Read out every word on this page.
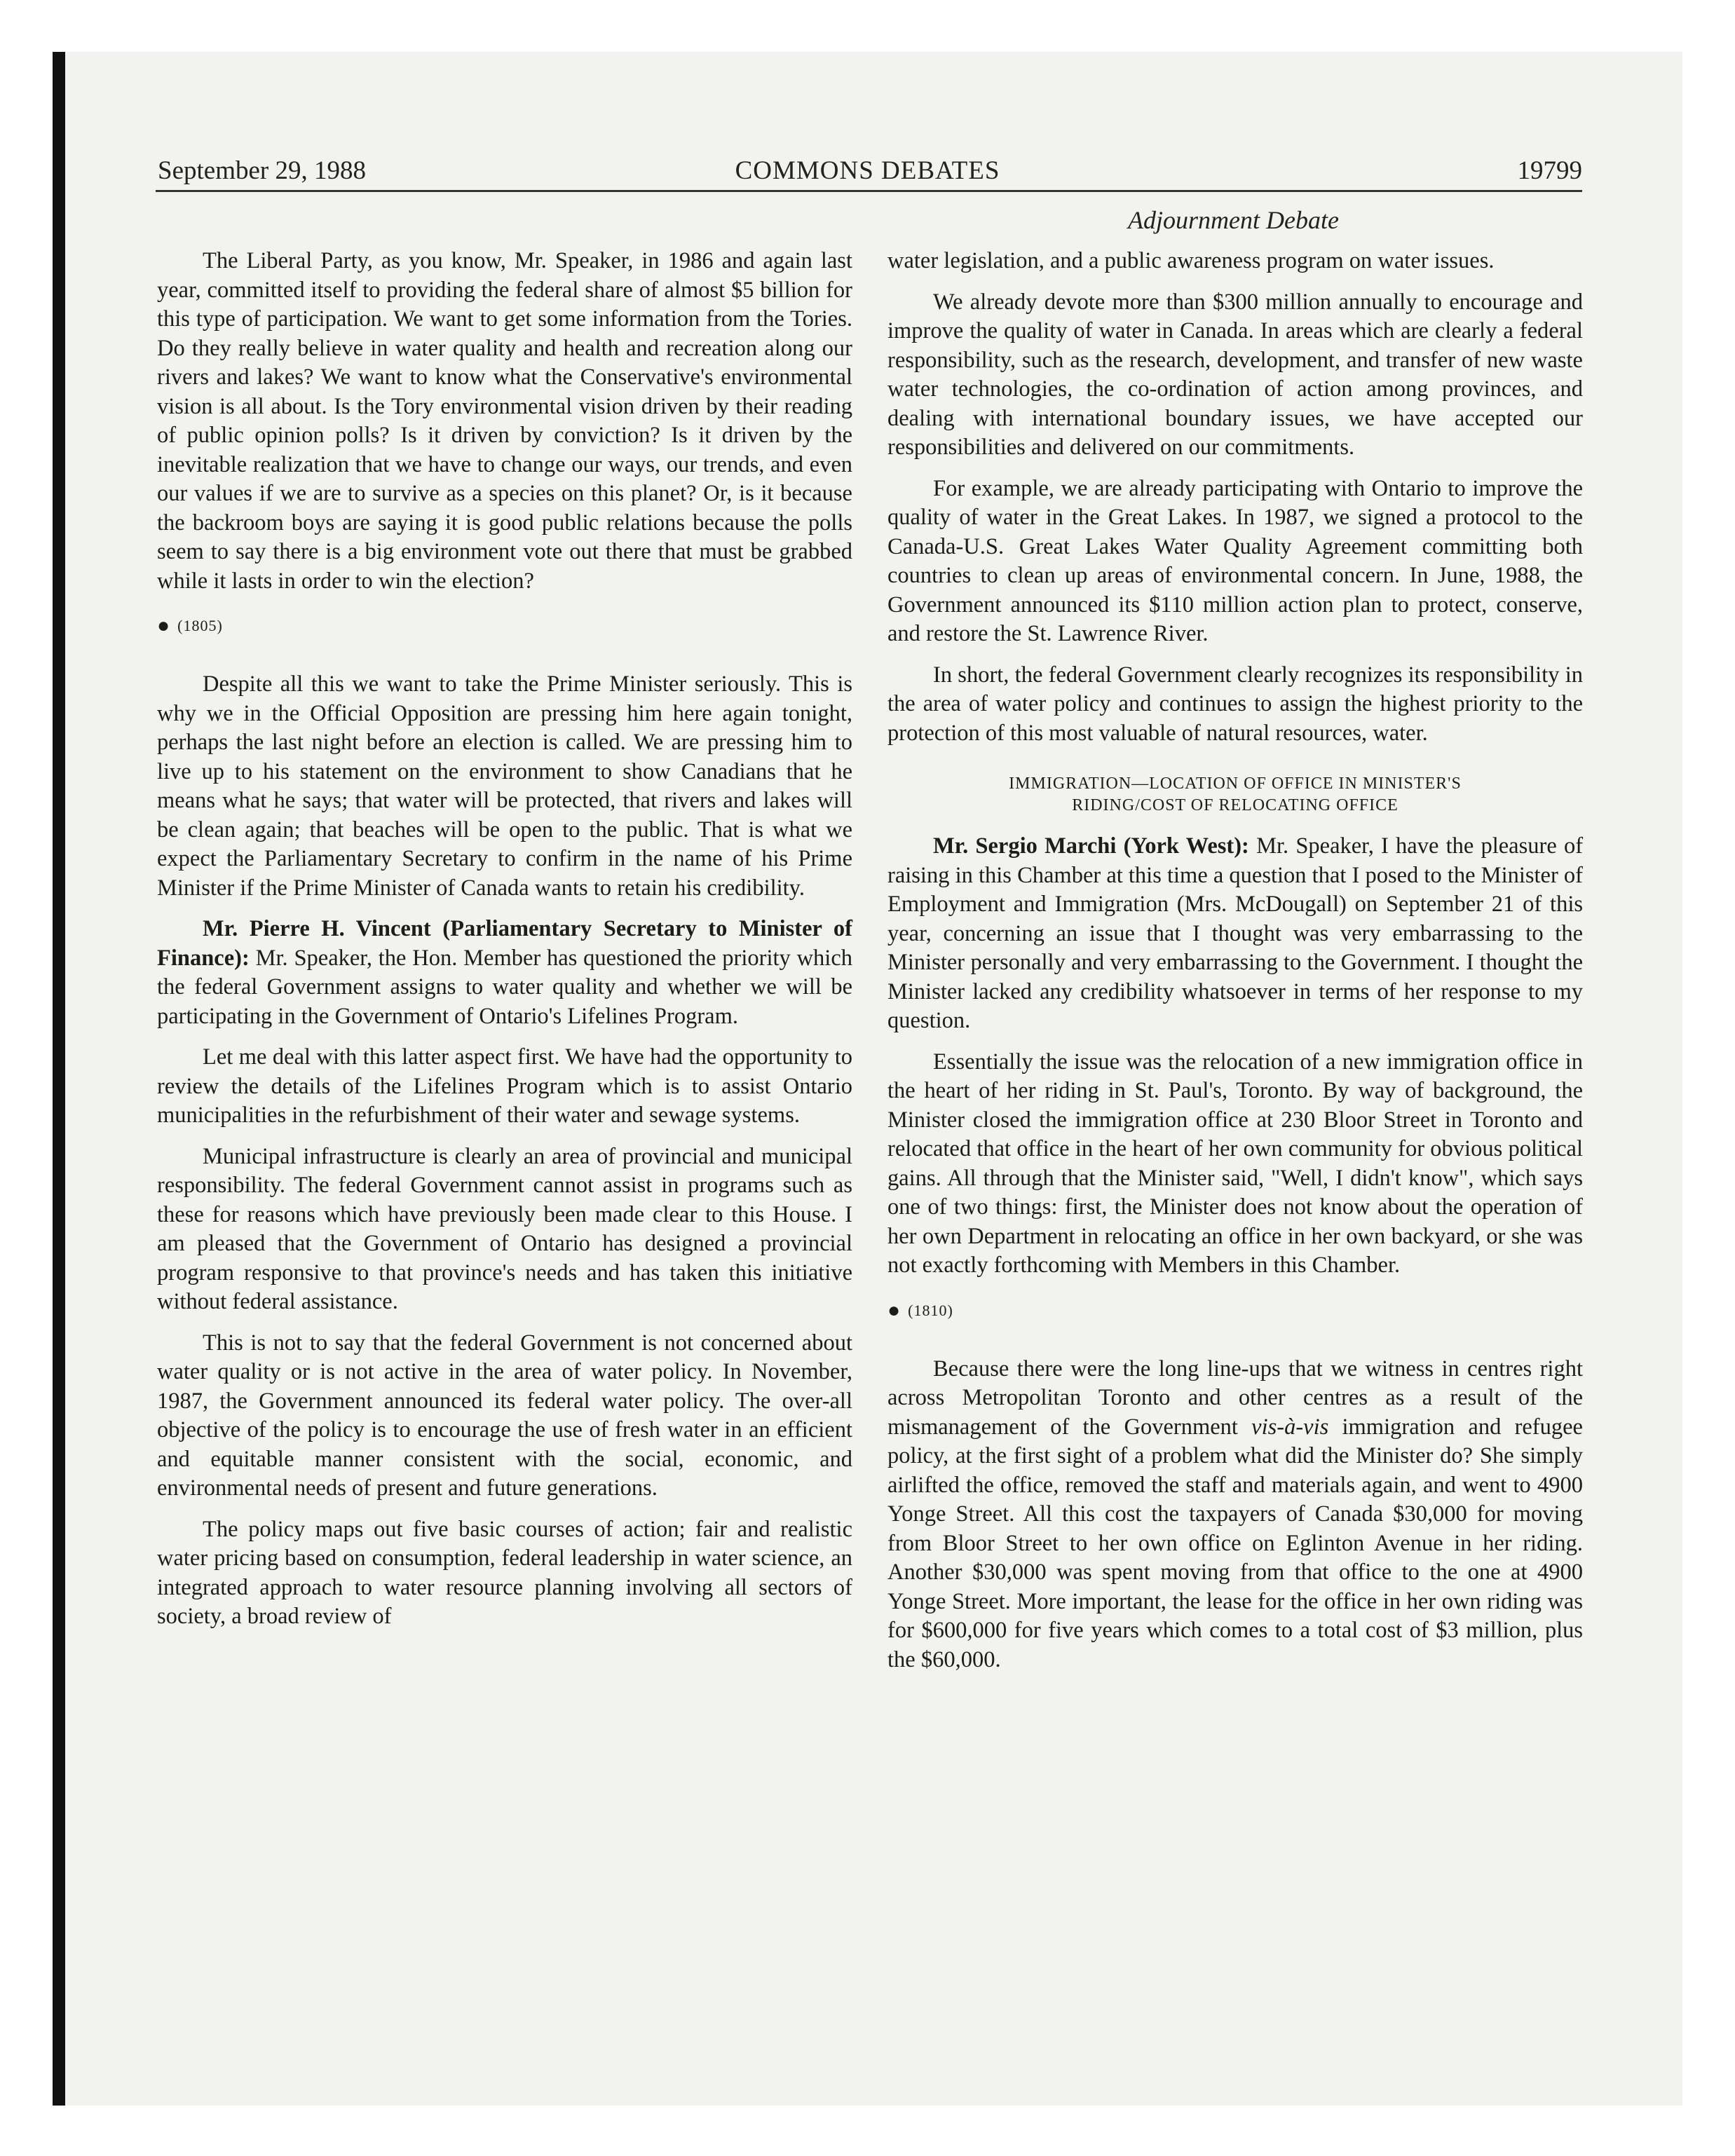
September 29, 1988	COMMONS DEBATES	19799
Adjournment Debate

The Liberal Party, as you know, Mr. Speaker, in 1986 and again last year, committed itself to providing the federal share of almost $5 billion for this type of participation. We want to get some information from the Tories. Do they really believe in water quality and health and recreation along our rivers and lakes? We want to know what the Conservative's environmental vision is all about. Is the Tory environmental vision driven by their reading of public opinion polls? Is it driven by conviction? Is it driven by the inevitable realization that we have to change our ways, our trends, and even our values if we are to survive as a species on this planet? Or, is it because the backroom boys are saying it is good public relations because the polls seem to say there is a big environment vote out there that must be grabbed while it lasts in order to win the election?

● (1805)

Despite all this we want to take the Prime Minister seriously. This is why we in the Official Opposition are pressing him here again tonight, perhaps the last night before an election is called. We are pressing him to live up to his statement on the environment to show Canadians that he means what he says; that water will be protected, that rivers and lakes will be clean again; that beaches will be open to the public. That is what we expect the Parliamentary Secretary to confirm in the name of his Prime Minister if the Prime Minister of Canada wants to retain his credibility.

Mr. Pierre H. Vincent (Parliamentary Secretary to Minister of Finance): Mr. Speaker, the Hon. Member has questioned the priority which the federal Government assigns to water quality and whether we will be participating in the Government of Ontario's Lifelines Program.

Let me deal with this latter aspect first. We have had the opportunity to review the details of the Lifelines Program which is to assist Ontario municipalities in the refurbishment of their water and sewage systems.

Municipal infrastructure is clearly an area of provincial and municipal responsibility. The federal Government cannot assist in programs such as these for reasons which have previously been made clear to this House. I am pleased that the Government of Ontario has designed a provincial program responsive to that province's needs and has taken this initiative without federal assistance.

This is not to say that the federal Government is not concerned about water quality or is not active in the area of water policy. In November, 1987, the Government announced its federal water policy. The over-all objective of the policy is to encourage the use of fresh water in an efficient and equitable manner consistent with the social, economic, and environmental needs of present and future generations.

The policy maps out five basic courses of action; fair and realistic water pricing based on consumption, federal leadership in water science, an integrated approach to water resource planning involving all sectors of society, a broad review of

water legislation, and a public awareness program on water issues.

We already devote more than $300 million annually to encourage and improve the quality of water in Canada. In areas which are clearly a federal responsibility, such as the research, development, and transfer of new waste water technologies, the co-ordination of action among provinces, and dealing with international boundary issues, we have accepted our responsibilities and delivered on our commitments.

For example, we are already participating with Ontario to improve the quality of water in the Great Lakes. In 1987, we signed a protocol to the Canada-U.S. Great Lakes Water Quality Agreement committing both countries to clean up areas of environmental concern. In June, 1988, the Government announced its $110 million action plan to protect, conserve, and restore the St. Lawrence River.

In short, the federal Government clearly recognizes its responsibility in the area of water policy and continues to assign the highest priority to the protection of this most valuable of natural resources, water.

IMMIGRATION—LOCATION OF OFFICE IN MINISTER'S
RIDING/COST OF RELOCATING OFFICE

Mr. Sergio Marchi (York West): Mr. Speaker, I have the pleasure of raising in this Chamber at this time a question that I posed to the Minister of Employment and Immigration (Mrs. McDougall) on September 21 of this year, concerning an issue that I thought was very embarrassing to the Minister personally and very embarrassing to the Government. I thought the Minister lacked any credibility whatsoever in terms of her response to my question.

Essentially the issue was the relocation of a new immigration office in the heart of her riding in St. Paul's, Toronto. By way of background, the Minister closed the immigration office at 230 Bloor Street in Toronto and relocated that office in the heart of her own community for obvious political gains. All through that the Minister said, "Well, I didn't know", which says one of two things: first, the Minister does not know about the operation of her own Department in relocating an office in her own backyard, or she was not exactly forthcoming with Members in this Chamber.

● (1810)

Because there were the long line-ups that we witness in centres right across Metropolitan Toronto and other centres as a result of the mismanagement of the Government vis-à-vis immigration and refugee policy, at the first sight of a problem what did the Minister do? She simply airlifted the office, removed the staff and materials again, and went to 4900 Yonge Street. All this cost the taxpayers of Canada $30,000 for moving from Bloor Street to her own office on Eglinton Avenue in her riding. Another $30,000 was spent moving from that office to the one at 4900 Yonge Street. More important, the lease for the office in her own riding was for $600,000 for five years which comes to a total cost of $3 million, plus the $60,000.
